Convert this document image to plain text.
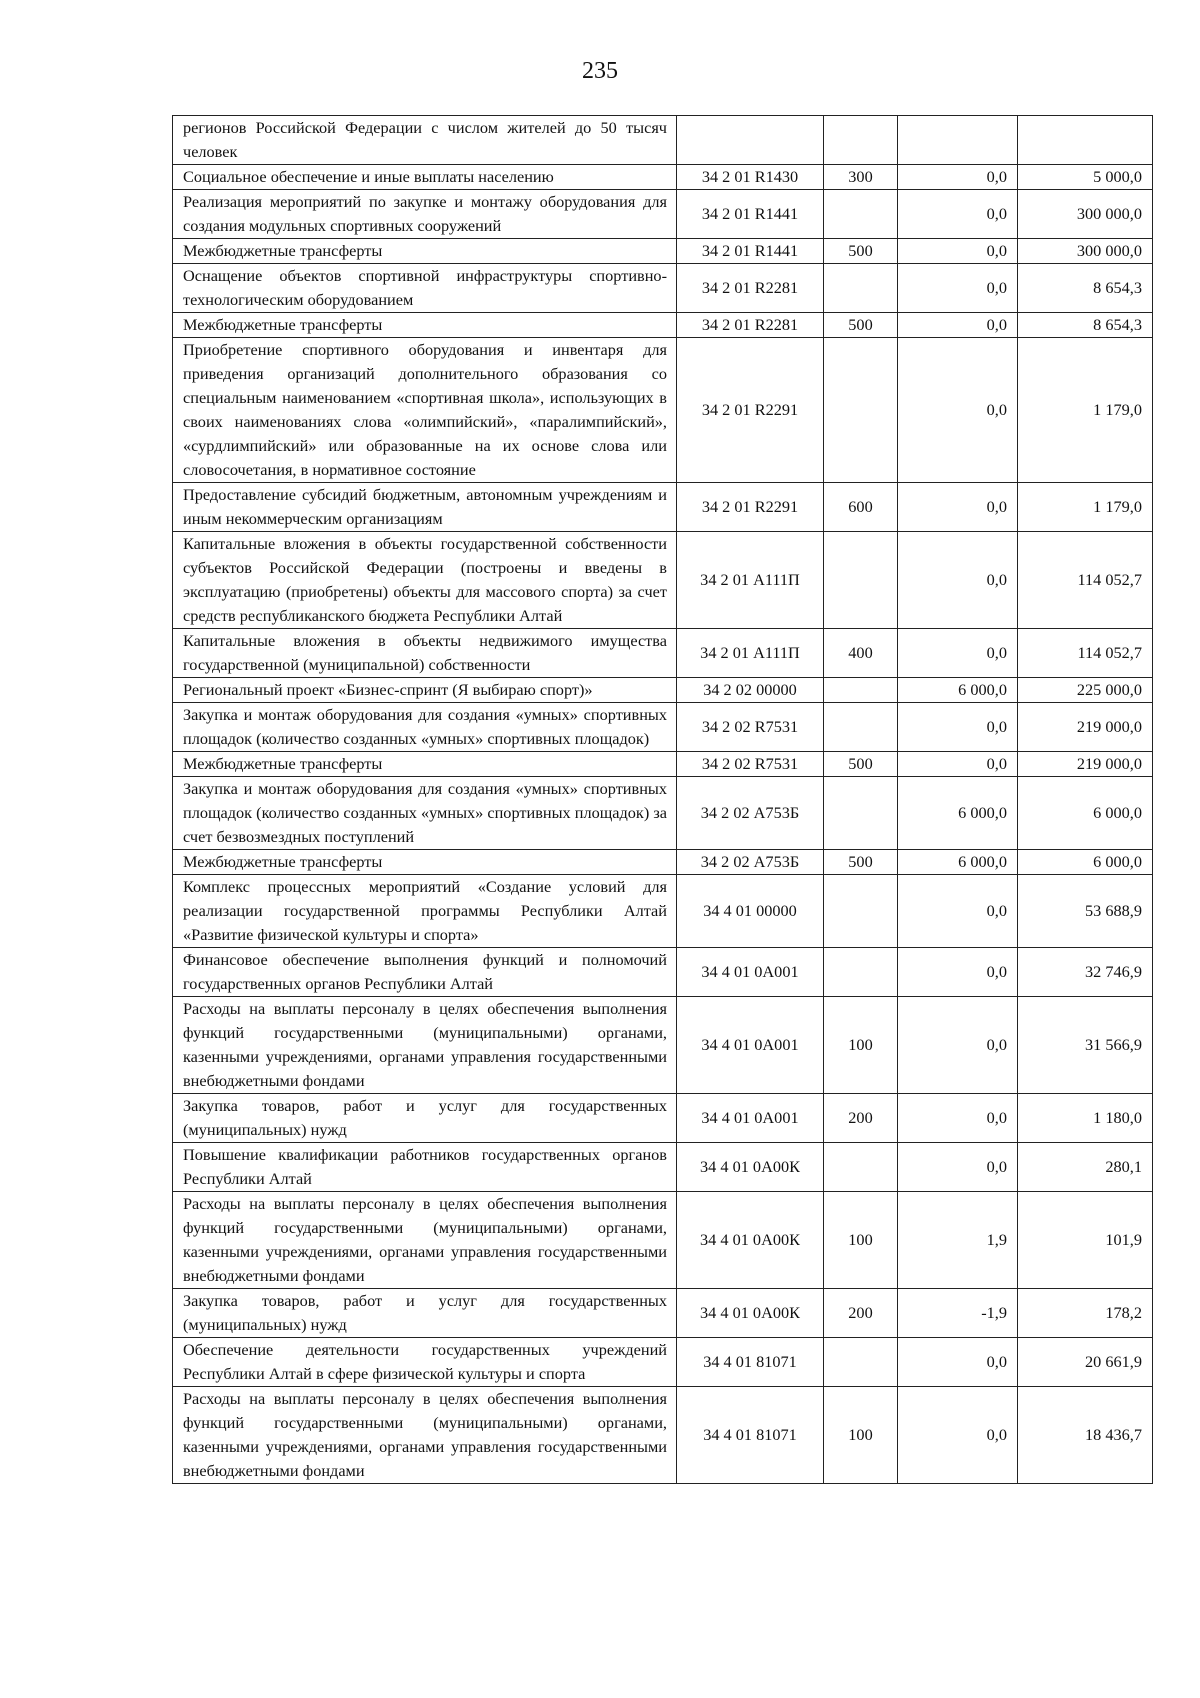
235
регионов Российской Федерации с числом жителей до 50 тысяч человек				
Социальное обеспечение и иные выплаты населению	34 2 01 R1430	300	0,0	5 000,0
Реализация мероприятий по закупке и монтажу оборудования для создания модульных спортивных сооружений	34 2 01 R1441		0,0	300 000,0
Межбюджетные трансферты	34 2 01 R1441	500	0,0	300 000,0
Оснащение объектов спортивной инфраструктуры спортивно-технологическим оборудованием	34 2 01 R2281		0,0	8 654,3
Межбюджетные трансферты	34 2 01 R2281	500	0,0	8 654,3
Приобретение спортивного оборудования и инвентаря для приведения организаций дополнительного образования со специальным наименованием «спортивная школа», использующих в своих наименованиях слова «олимпийский», «паралимпийский», «сурдлимпийский» или образованные на их основе слова или словосочетания, в нормативное состояние	34 2 01 R2291		0,0	1 179,0
Предоставление субсидий бюджетным, автономным учреждениям и иным некоммерческим организациям	34 2 01 R2291	600	0,0	1 179,0
Капитальные вложения в объекты государственной собственности субъектов Российской Федерации (построены и введены в эксплуатацию (приобретены) объекты для массового спорта) за счет средств республиканского бюджета Республики Алтай	34 2 01 А111П		0,0	114 052,7
Капитальные вложения в объекты недвижимого имущества государственной (муниципальной) собственности	34 2 01 А111П	400	0,0	114 052,7
Региональный проект «Бизнес-спринт (Я выбираю спорт)»	34 2 02 00000		6 000,0	225 000,0
Закупка и монтаж оборудования для создания «умных» спортивных площадок (количество созданных «умных» спортивных площадок)	34 2 02 R7531		0,0	219 000,0
Межбюджетные трансферты	34 2 02 R7531	500	0,0	219 000,0
Закупка и монтаж оборудования для создания «умных» спортивных площадок (количество созданных «умных» спортивных площадок) за счет безвозмездных поступлений	34 2 02 А753Б		6 000,0	6 000,0
Межбюджетные трансферты	34 2 02 А753Б	500	6 000,0	6 000,0
Комплекс процессных мероприятий «Создание условий для реализации государственной программы Республики Алтай «Развитие физической культуры и спорта»	34 4 01 00000		0,0	53 688,9
Финансовое обеспечение выполнения функций и полномочий государственных органов Республики Алтай	34 4 01 0А001		0,0	32 746,9
Расходы на выплаты персоналу в целях обеспечения выполнения функций государственными (муниципальными) органами, казенными учреждениями, органами управления государственными внебюджетными фондами	34 4 01 0А001	100	0,0	31 566,9
Закупка товаров, работ и услуг для государственных (муниципальных) нужд	34 4 01 0А001	200	0,0	1 180,0
Повышение квалификации работников государственных органов Республики Алтай	34 4 01 0А00К		0,0	280,1
Расходы на выплаты персоналу в целях обеспечения выполнения функций государственными (муниципальными) органами, казенными учреждениями, органами управления государственными внебюджетными фондами	34 4 01 0А00К	100	1,9	101,9
Закупка товаров, работ и услуг для государственных (муниципальных) нужд	34 4 01 0А00К	200	-1,9	178,2
Обеспечение деятельности государственных учреждений Республики Алтай в сфере физической культуры и спорта	34 4 01 81071		0,0	20 661,9
Расходы на выплаты персоналу в целях обеспечения выполнения функций государственными (муниципальными) органами, казенными учреждениями, органами управления государственными внебюджетными фондами	34 4 01 81071	100	0,0	18 436,7
